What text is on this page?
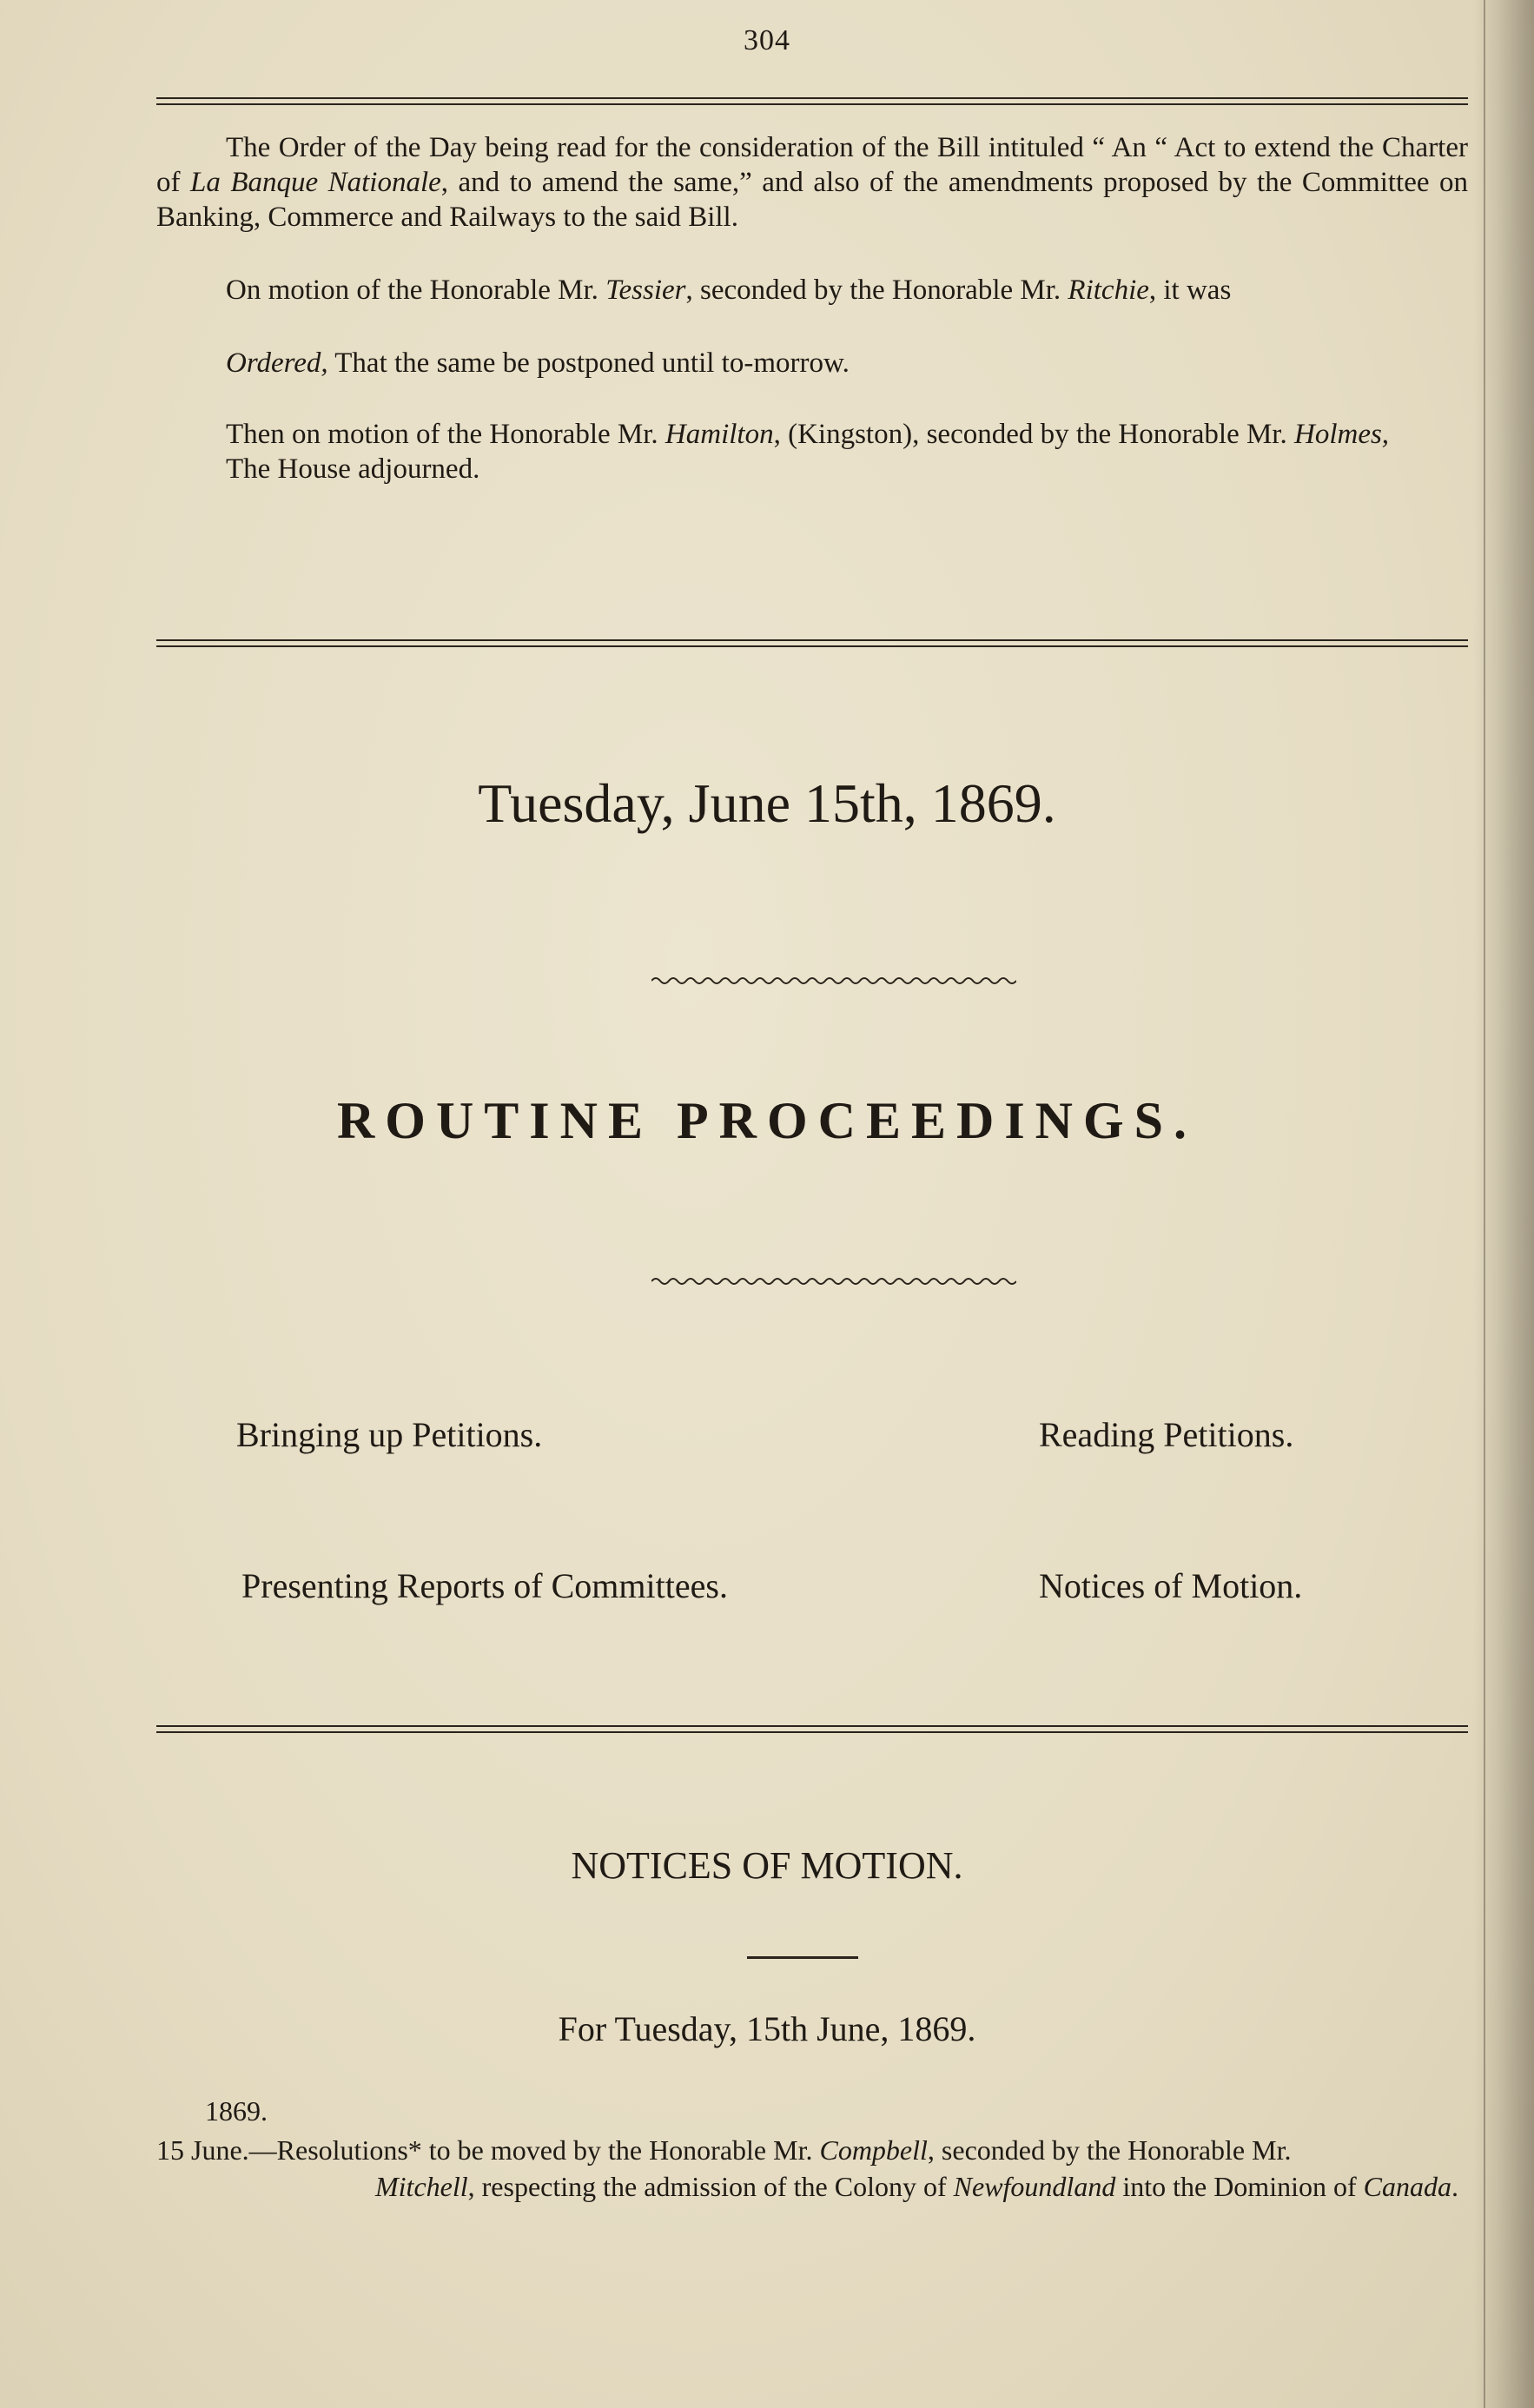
304

The Order of the Day being read for the consideration of the Bill intituled “ An “ Act to extend the Charter of La Banque Nationale, and to amend the same,” and also of the amendments proposed by the Committee on Banking, Commerce and Railways to the said Bill.

On motion of the Honorable Mr. Tessier, seconded by the Honorable Mr. Ritchie, it was

Ordered, That the same be postponed until to-morrow.

Then on motion of the Honorable Mr. Hamilton, (Kingston), seconded by the Honorable Mr. Holmes,

The House adjourned.

Tuesday, June 15th, 1869.
ROUTINE PROCEEDINGS.
Bringing up Petitions.	Reading Petitions.
Presenting Reports of Committees.	Notices of Motion.
NOTICES OF MOTION.
For Tuesday, 15th June, 1869.
1869.
15 June.—Resolutions* to be moved by the Honorable Mr. Compbell, seconded by the Honorable Mr.
Mitchell, respecting the admission of the Colony of Newfoundland into the Dominion of Canada.
